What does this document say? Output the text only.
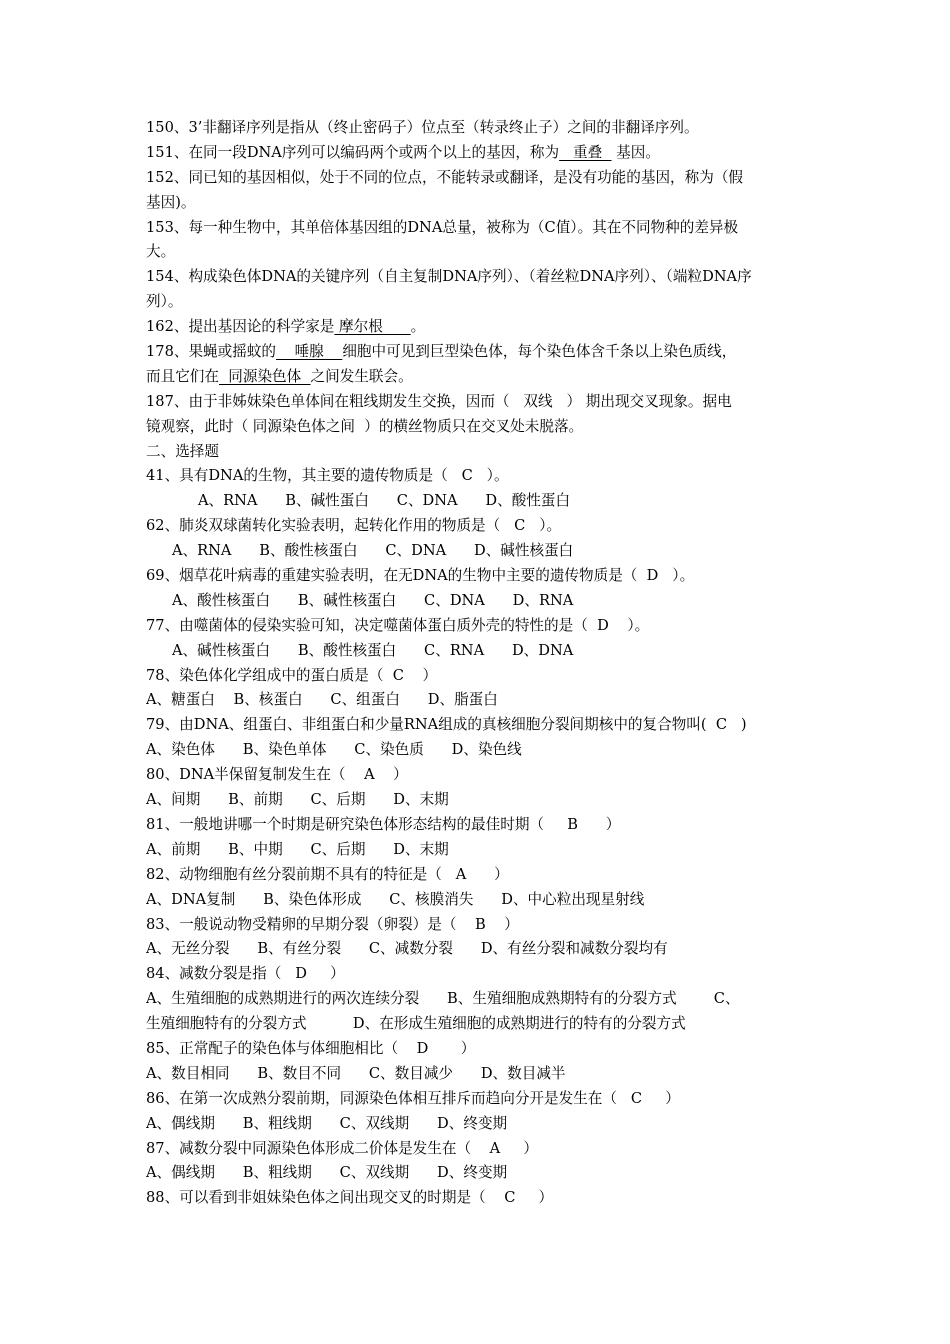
150、3’非翻译序列是指从（终止密码子）位点至（转录终止子）之间的非翻译序列。
151、在同一段DNA序列可以编码两个或两个以上的基因，称为   重叠   基因。
152、同已知的基因相似，处于不同的位点，不能转录或翻译，是没有功能的基因，称为（假
基因)。
153、每一种生物中，其单倍体基因组的DNA总量，被称为（C值）。其在不同物种的差异极
大。
154、构成染色体DNA的关键序列（自主复制DNA序列）、（着丝粒DNA序列）、（端粒DNA序
列）。
162、提出基因论的科学家是 摩尔根      。
178、果蝇或摇蚊的    唾腺    细胞中可见到巨型染色体，每个染色体含千条以上染色质线，
而且它们在  同源染色体  之间发生联会。
187、由于非姊妹染色单体间在粗线期发生交换，因而（   双线   ） 期出现交叉现象。据电
镜观察，此时（ 同源染色体之间  ）的横丝物质只在交叉处未脱落。
二、选择题
41、具有DNA的生物，其主要的遗传物质是（   C   ）。
A、RNA      B、碱性蛋白      C、DNA      D、酸性蛋白
62、肺炎双球菌转化实验表明，起转化作用的物质是（   C   ）。
A、RNA      B、酸性核蛋白      C、DNA      D、碱性核蛋白
69、烟草花叶病毒的重建实验表明，在无DNA的生物中主要的遗传物质是（  D   ）。
A、酸性核蛋白      B、碱性核蛋白      C、DNA      D、RNA
77、由噬菌体的侵染实验可知，决定噬菌体蛋白质外壳的特性的是（  D    ）。
A、碱性核蛋白      B、酸性核蛋白      C、RNA      D、DNA
78、染色体化学组成中的蛋白质是（  C    ）
A、糖蛋白    B、核蛋白      C、组蛋白      D、脂蛋白
79、由DNA、组蛋白、非组蛋白和少量RNA组成的真核细胞分裂间期核中的复合物叫(  C   )
A、染色体      B、染色单体      C、染色质      D、染色线
80、DNA半保留复制发生在（    A    ）
A、间期      B、前期      C、后期      D、末期
81、一般地讲哪一个时期是研究染色体形态结构的最佳时期（     B      ）
A、前期      B、中期      C、后期      D、末期
82、动物细胞有丝分裂前期不具有的特征是（   A      ）
A、DNA复制      B、染色体形成      C、核膜消失      D、中心粒出现星射线
83、一般说动物受精卵的早期分裂（卵裂）是（    B    ）
A、无丝分裂      B、有丝分裂      C、减数分裂      D、有丝分裂和减数分裂均有
84、减数分裂是指（   D     ）
A、生殖细胞的成熟期进行的两次连续分裂      B、生殖细胞成熟期特有的分裂方式        C、
生殖细胞特有的分裂方式          D、在形成生殖细胞的成熟期进行的特有的分裂方式
85、正常配子的染色体与体细胞相比（    D       ）
A、数目相同      B、数目不同      C、数目减少      D、数目减半
86、在第一次成熟分裂前期，同源染色体相互排斥而趋向分开是发生在（   C     ）
A、偶线期      B、粗线期      C、双线期      D、终变期
87、减数分裂中同源染色体形成二价体是发生在（    A     ）
A、偶线期      B、粗线期      C、双线期      D、终变期
88、可以看到非姐妹染色体之间出现交叉的时期是（    C     ）
